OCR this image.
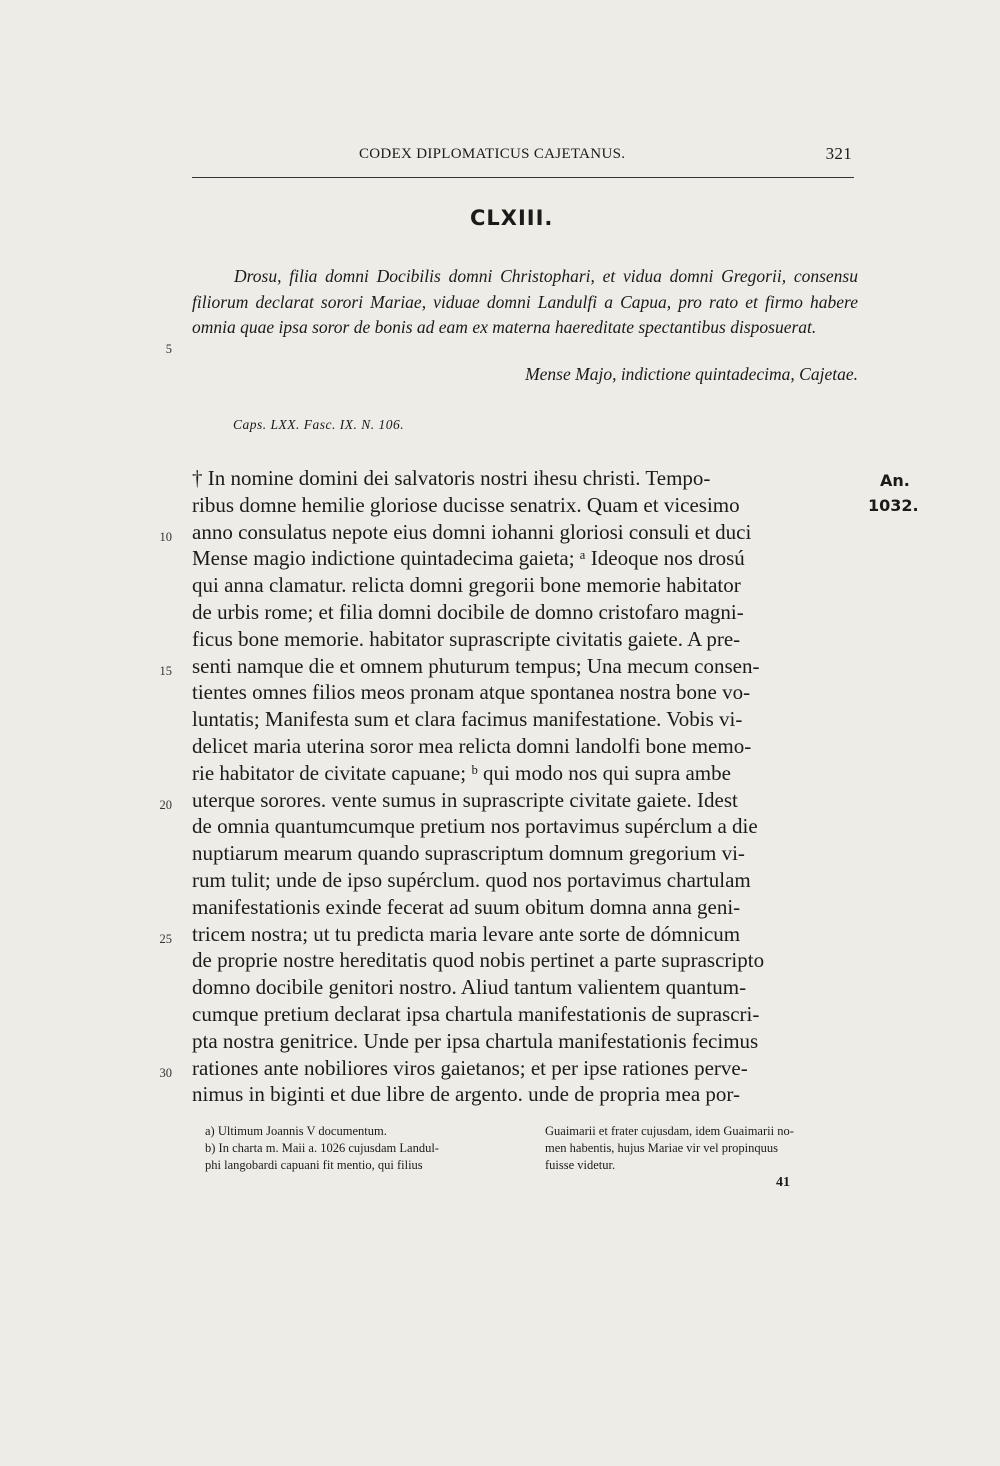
CODEX DIPLOMATICUS CAJETANUS.	321
CLXIII.
Drosu, filia domni Docibilis domni Christophari, et vidua domni Gregorii, consensu filiorum declarat sorori Mariae, viduae domni Landulfi a Capua, pro rato et firmo habere omnia quae ipsa soror de bonis ad eam ex materna haereditate spectantibus disposuerat.
Mense Majo, indictione quintadecima, Cajetae.
Caps. LXX. Fasc. IX. N. 106.
5
† In nomine domini dei salvatoris nostri ihesu christi. Tempo-
ribus domne hemilie gloriose ducisse senatrix. Quam et vicesimo
anno consulatus nepote eius domni iohanni gloriosi consuli et duci
Mense magio indictione quintadecima gaieta; ᵃ Ideoque nos drosú
qui anna clamatur. relicta domni gregorii bone memorie habitator
de urbis rome; et filia domni docibile de domno cristofaro magni-
ficus bone memorie. habitator suprascripte civitatis gaiete. A pre-
senti namque die et omnem phuturum tempus; Una mecum consen-
tientes omnes filios meos pronam atque spontanea nostra bone vo-
luntatis; Manifesta sum et clara facimus manifestatione. Vobis vi-
delicet maria uterina soror mea relicta domni landolfi bone memo-
rie habitator de civitate capuane; ᵇ qui modo nos qui supra ambe
uterque sorores. vente sumus in suprascripte civitate gaiete. Idest
de omnia quantumcumque pretium nos portavimus supérclum a die
nuptiarum mearum quando suprascriptum domnum gregorium vi-
rum tulit; unde de ipso supérclum. quod nos portavimus chartulam
manifestationis exinde fecerat ad suum obitum domna anna geni-
tricem nostra; ut tu predicta maria levare ante sorte de dómnicum
de proprie nostre hereditatis quod nobis pertinet a parte suprascripto
domno docibile genitori nostro. Aliud tantum valientem quantum-
cumque pretium declarat ipsa chartula manifestationis de suprascri-
pta nostra genitrice. Unde per ipsa chartula manifestationis fecimus
rationes ante nobiliores viros gaietanos; et per ipse rationes perve-
nimus in biginti et due libre de argento. unde de propria mea por-
10
15
20
25
30
An.
1032.
a) Ultimum Joannis V documentum.
b) In charta m. Maii a. 1026 cujusdam Landul-
phi langobardi capuani fit mentio, qui filius
Guaimarii et frater cujusdam, idem Guaimarii no-
men habentis, hujus Mariae vir vel propinquus
fuisse videtur.
41
